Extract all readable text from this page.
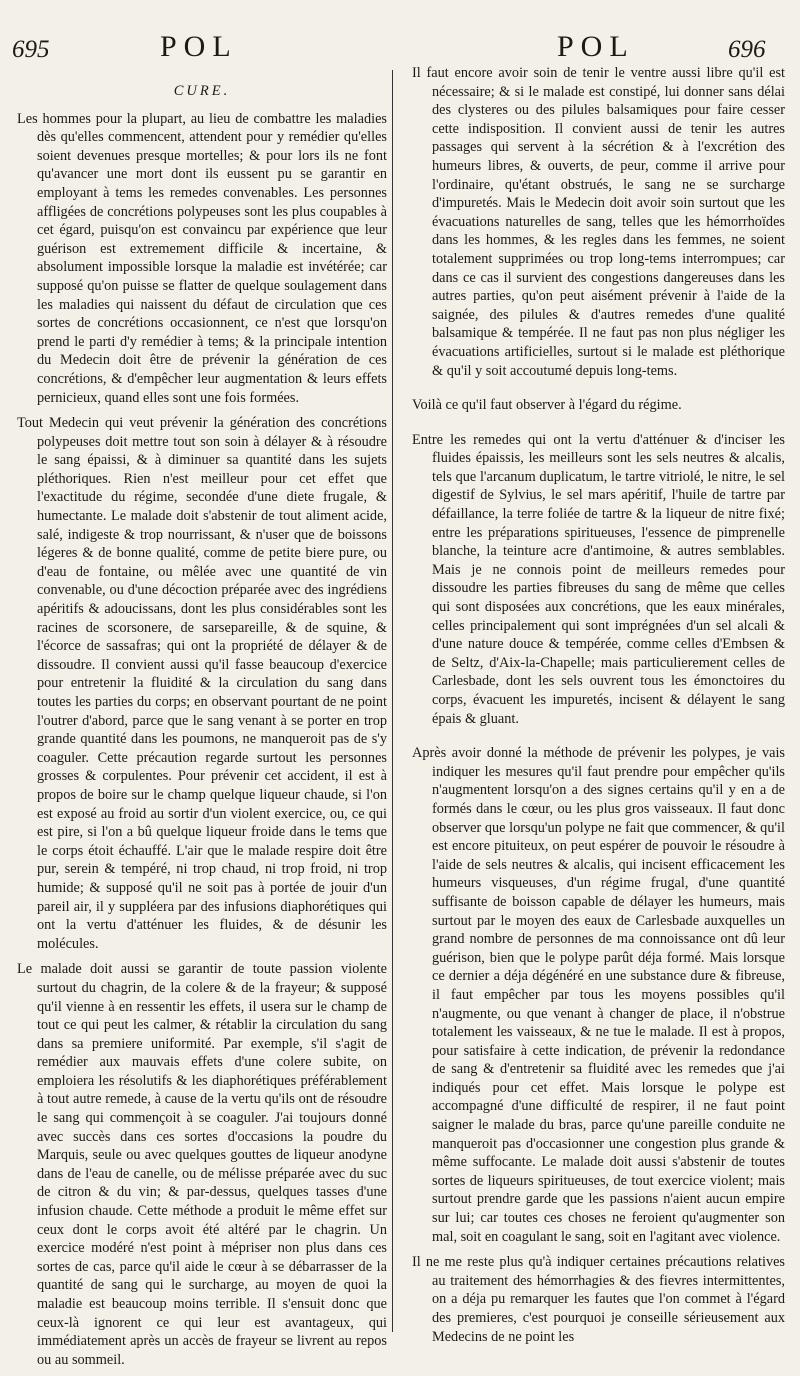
695	POL	POL	696
CURE.

Les hommes pour la plupart, au lieu de combattre les maladies dès qu'elles commencent, attendent pour y remédier qu'elles soient devenues presque mortelles; & pour lors ils ne font qu'avancer une mort dont ils eussent pu se garantir en employant à tems les remedes convenables. Les personnes affligées de concrétions polypeuses sont les plus coupables à cet égard, puisqu'on est convaincu par expérience que leur guérison est extremement difficile & incertaine, & absolument impossible lorsque la maladie est invétérée; car supposé qu'on puisse se flatter de quelque soulagement dans les maladies qui naissent du défaut de circulation que ces sortes de concrétions occasionnent, ce n'est que lorsqu'on prend le parti d'y remédier à tems; & la principale intention du Medecin doit être de prévenir la génération de ces concrétions, & d'empêcher leur augmentation & leurs effets pernicieux, quand elles sont une fois formées.

Tout Medecin qui veut prévenir la génération des concrétions polypeuses doit mettre tout son soin à délayer & à résoudre le sang épaissi, & à diminuer sa quantité dans les sujets pléthoriques. Rien n'est meilleur pour cet effet que l'exactitude du régime, secondée d'une diete frugale, & humectante. Le malade doit s'abstenir de tout aliment acide, salé, indigeste & trop nourrissant, & n'user que de boissons légeres & de bonne qualité, comme de petite biere pure, ou d'eau de fontaine, ou mêlée avec une quantité de vin convenable, ou d'une décoction préparée avec des ingrédiens apéritifs & adoucissans, dont les plus considérables sont les racines de scorsonere, de sarsepareille, & de squine, & l'écorce de sassafras; qui ont la propriété de délayer & de dissoudre. Il convient aussi qu'il fasse beaucoup d'exercice pour entretenir la fluidité & la circulation du sang dans toutes les parties du corps; en observant pourtant de ne point l'outrer d'abord, parce que le sang venant à se porter en trop grande quantité dans les poumons, ne manqueroit pas de s'y coaguler. Cette précaution regarde surtout les personnes grosses & corpulentes. Pour prévenir cet accident, il est à propos de boire sur le champ quelque liqueur chaude, si l'on est exposé au froid au sortir d'un violent exercice, ou, ce qui est pire, si l'on a bû quelque liqueur froide dans le tems que le corps étoit échauffé. L'air que le malade respire doit être pur, serein & tempéré, ni trop chaud, ni trop froid, ni trop humide; & supposé qu'il ne soit pas à portée de jouir d'un pareil air, il y suppléera par des infusions diaphorétiques qui ont la vertu d'atténuer les fluides, & de désunir les molécules.

Le malade doit aussi se garantir de toute passion violente surtout du chagrin, de la colere & de la frayeur; & supposé qu'il vienne à en ressentir les effets, il usera sur le champ de tout ce qui peut les calmer, & rétablir la circulation du sang dans sa premiere uniformité. Par exemple, s'il s'agit de remédier aux mauvais effets d'une colere subite, on emploiera les résolutifs & les diaphorétiques préférablement à tout autre remede, à cause de la vertu qu'ils ont de résoudre le sang qui commençoit à se coaguler. J'ai toujours donné avec succès dans ces sortes d'occasions la poudre du Marquis, seule ou avec quelques gouttes de liqueur anodyne dans de l'eau de canelle, ou de mélisse préparée avec du suc de citron & du vin; & par-dessus, quelques tasses d'une infusion chaude. Cette méthode a produit le même effet sur ceux dont le corps avoit été altéré par le chagrin. Un exercice modéré n'est point à mépriser non plus dans ces sortes de cas, parce qu'il aide le cœur à se débarrasser de la quantité de sang qui le surcharge, au moyen de quoi la maladie est beaucoup moins terrible. Il s'ensuit donc que ceux-là ignorent ce qui leur est avantageux, qui immédiatement après un accès de frayeur se livrent au repos ou au sommeil.

Il faut encore avoir soin de tenir le ventre aussi libre qu'il est nécessaire; & si le malade est constipé, lui donner sans délai des clysteres ou des pilules balsamiques pour faire cesser cette indisposition. Il convient aussi de tenir les autres passages qui servent à la sécrétion & à l'excrétion des humeurs libres, & ouverts, de peur, comme il arrive pour l'ordinaire, qu'étant obstrués, le sang ne se surcharge d'impuretés. Mais le Medecin doit avoir soin surtout que les évacuations naturelles de sang, telles que les hémorrhoïdes dans les hommes, & les regles dans les femmes, ne soient totalement supprimées ou trop long-tems interrompues; car dans ce cas il survient des congestions dangereuses dans les autres parties, qu'on peut aisément prévenir à l'aide de la saignée, des pilules & d'autres remedes d'une qualité balsamique & tempérée. Il ne faut pas non plus négliger les évacuations artificielles, surtout si le malade est pléthorique & qu'il y soit accoutumé depuis long-tems.

Voilà ce qu'il faut observer à l'égard du régime.

Entre les remedes qui ont la vertu d'atténuer & d'inciser les fluides épaissis, les meilleurs sont les sels neutres & alcalis, tels que l'arcanum duplicatum, le tartre vitriolé, le nitre, le sel digestif de Sylvius, le sel mars apéritif, l'huile de tartre par défaillance, la terre foliée de tartre & la liqueur de nitre fixé; entre les préparations spiritueuses, l'essence de pimprenelle blanche, la teinture acre d'antimoine, & autres semblables. Mais je ne connois point de meilleurs remedes pour dissoudre les parties fibreuses du sang de même que celles qui sont disposées aux concrétions, que les eaux minérales, celles principalement qui sont imprégnées d'un sel alcali & d'une nature douce & tempérée, comme celles d'Embsen & de Seltz, d'Aix-la-Chapelle; mais particulierement celles de Carlesbade, dont les sels ouvrent tous les émonctoires du corps, évacuent les impuretés, incisent & délayent le sang épais & gluant.

Après avoir donné la méthode de prévenir les polypes, je vais indiquer les mesures qu'il faut prendre pour empêcher qu'ils n'augmentent lorsqu'on a des signes certains qu'il y en a de formés dans le cœur, ou les plus gros vaisseaux. Il faut donc observer que lorsqu'un polype ne fait que commencer, & qu'il est encore pituiteux, on peut espérer de pouvoir le résoudre à l'aide de sels neutres & alcalis, qui incisent efficacement les humeurs visqueuses, d'un régime frugal, d'une quantité suffisante de boisson capable de délayer les humeurs, mais surtout par le moyen des eaux de Carlesbade auxquelles un grand nombre de personnes de ma connoissance ont dû leur guérison, bien que le polype parût déja formé. Mais lorsque ce dernier a déja dégénéré en une substance dure & fibreuse, il faut empêcher par tous les moyens possibles qu'il n'augmente, ou que venant à changer de place, il n'obstrue totalement les vaisseaux, & ne tue le malade. Il est à propos, pour satisfaire à cette indication, de prévenir la redondance de sang & d'entretenir sa fluidité avec les remedes que j'ai indiqués pour cet effet. Mais lorsque le polype est accompagné d'une difficulté de respirer, il ne faut point saigner le malade du bras, parce qu'une pareille conduite ne manqueroit pas d'occasionner une congestion plus grande & même suffocante. Le malade doit aussi s'abstenir de toutes sortes de liqueurs spiritueuses, de tout exercice violent; mais surtout prendre garde que les passions n'aient aucun empire sur lui; car toutes ces choses ne feroient qu'augmenter son mal, soit en coagulant le sang, soit en l'agitant avec violence.

Il ne me reste plus qu'à indiquer certaines précautions relatives au traitement des hémorrhagies & des fievres intermittentes, on a déja pu remarquer les fautes que l'on commet à l'égard des premieres, c'est pourquoi je conseille sérieusement aux Medecins de ne point les
